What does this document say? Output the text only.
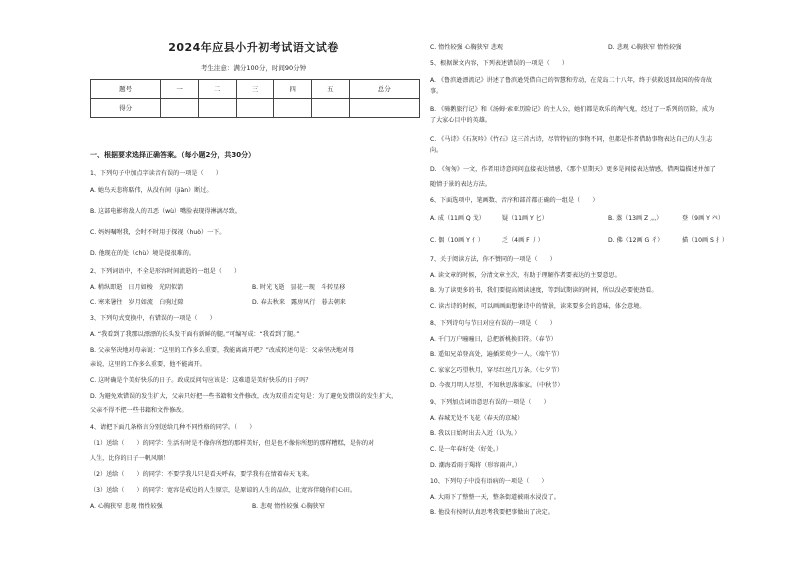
2024年应县小升初考试语文试卷
考生注意：满分100分，时间90分钟
题号	一	二	三	四	五	总分
得分						
一、根据要求选择正确答案。（每小题2分，共30分）
1、下列句子中加点字读音有误的一项是（　　）
A. 她鸟天悲将聒伟，从没有间（jiàn）断过。
B. 这部电影将敌人的丑恶（wù）嘴脸表现得淋漓尽致。
C. 妈妈嘱咐我，会时不时用于探视（huò）一下。
D. 他现在的处（chù）境是提很难的。
2、下列词语中，不全是形容时间流逝的一组是（　　）
A. 稍纵即逝　日月如梭　光阴似箭	B. 时光飞逝　昙花一现　斗转星移
C. 寒来暑往　岁月如流　白驹过隙	D. 春去秋来　露房风行　暮去朝来
3、下列句式变换中，有错误的一项是（　　）
A. “我看到了我那以漂漂的长头发干面有新鲜的腿。”可编写成：“我看到了腿。”
B. 父亲坚决地对母亲说：“这里的工作多么重要，我能离离开吧？”改成转述句是：父亲坚决地对母
亲说，这里的工作多么重要，他不能离开。
C. 这时确是个美好快乐的日子。政成反问句应该是：这难道是美好快乐的日子吗？
D. 为避免欢错误的发生扩大，父亲只好把一些书籍和文件修改，改为双重否定句是：为了避免发错误的发生扩大，
父亲不得不把一些书籍和文件修改。
4、请把下面几条格言分别送给几种不同性格的同学。（　　）
（1）送给（　　）的同学：生活有时是不像你所想的那样美好，但是也不像你所想的那样糟糕，是你的对
人生，比你的日子一帆风顺！
（2）送给（　　）的同学：不要学我儿只是看天呼春，要学我有在情着春天飞来。
（3）送给（　　）的同学：宽容是戒边的人生原宗，是原谅的人生的品位，让宽容伴随你们心田。
A. 心胸狭窄 悲观 惰性较强	B. 悲观 惰性较强 心胸狭窄
C. 惰性较强 心胸狭窄 悲观	D. 悲观 心胸狭窄 惰性较强
5、根据课文内容，下列表述错误的一项是（　　）
A. 《鲁滨逊漂流记》讲述了鲁滨逊凭借自己的智慧和劳动，在荒岛二十八年，终于获救返回故国的传奇故
事。
B. 《骑鹅旅行记》和《汤姆·索亚历险记》的主人公，她们都是欢乐的淘气鬼，经过了一系列的历险，成为
了大家心目中的英雄。
C. 《马诗》《石灰吟》《竹石》这三首古诗，尽管特征的事物不同，但都是作者借助事物表达自己的人生志
向。
D. 《匆匆》一文，作者用诗意问问直接表达情感，《那个星期天》更多是间接表达情感，借两篇描述并加了
随情于景的表达方法。
6、下面选项中，笔画数、音序和部首都正确的一组是（　　）
A. 成（11画 Q 戈）	疑（11画 Y 匕）	B. 蒸（13画 Z 灬）	登（9画 Y 癶）
C. 偶（10画 Y 亻）	乏（4画 F 丿）	D. 佛（12画 G 彳）	描（10画 S 扌）
7、关于阅读方法，你不赞同的一项是（　　）
A. 读文章的时候，分清文章主次，有助于理解作者要表达的主要意思。
B. 为了读更多的书，我们要提高阅读速度，等到试期读的时间，所以没必要使劲看。
C. 读古诗的时候，可以画画面想象诗中的情景，读来要多会的意味，体会意境。
8、下列诗句与节日对应有误的一项是（　　）
A. 千门万户曈曈日，总把新桃换旧符。（春节）
B. 遥知兄弟登高处，遍插茱萸少一人。（端午节）
C. 家家乞巧望秋月，穿尽红丝几万条。（七夕节）
D. 今夜月明人尽望，不知秋思落谁家。（中秋节）
9、下列加点词语意思有误的一项是（　　）
A. 春城无处不飞花（春天的京城）
B. 我以日始时出去入近（认为。）
C. 是一年春好处（好处。）
D. 潮海看雨于羯将（形容雨声。）
10、下列句子中没有语病的一项是（　　）
A. 大雨下了整整一天，整条街道被雨水浸没了。
B. 他没有按时认真思考我要把事做出了决定。
